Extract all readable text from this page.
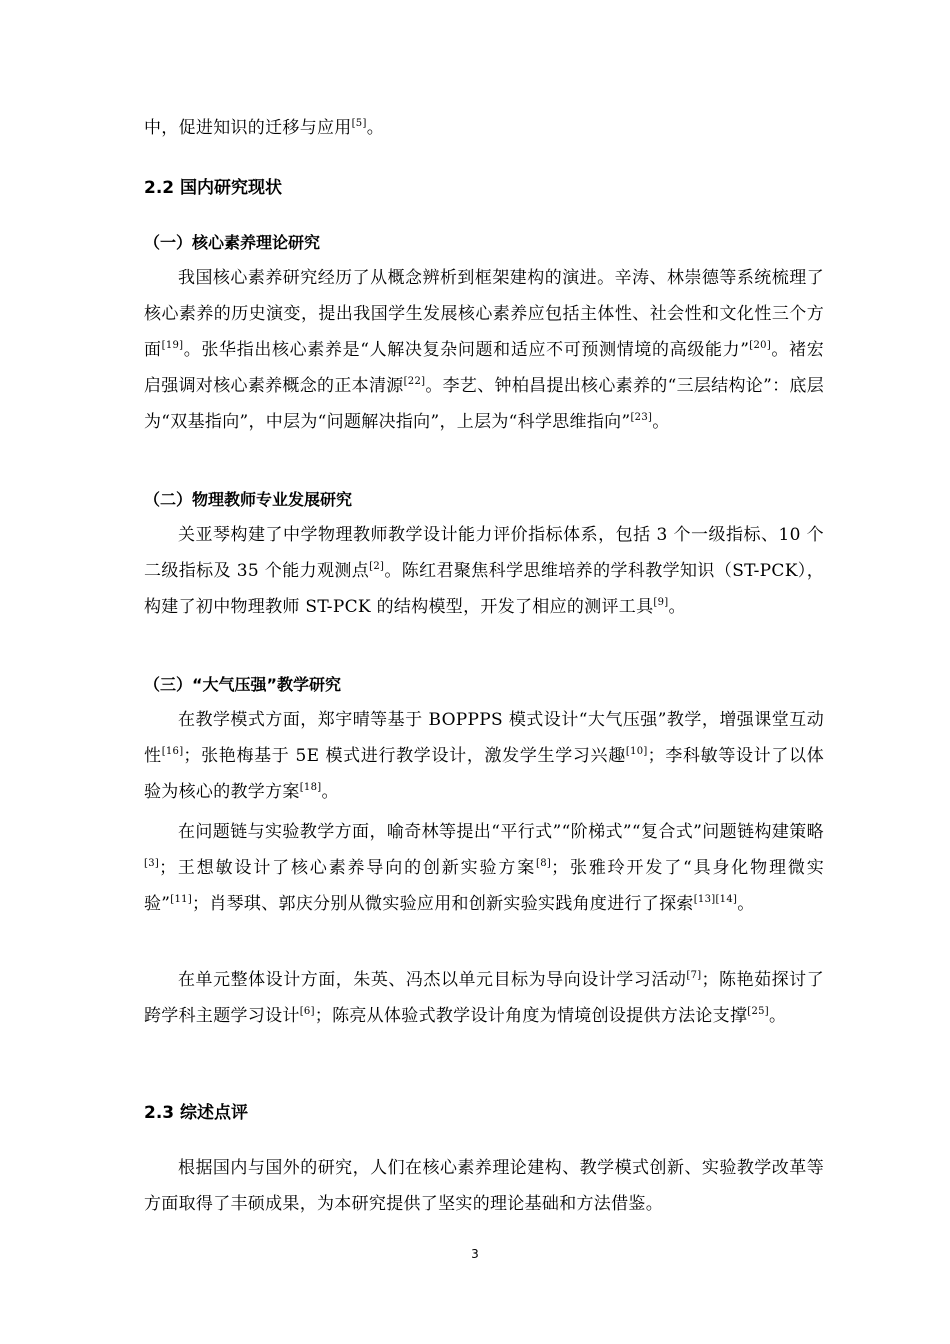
中，促进知识的迁移与应用[5]。

2.2 国内研究现状
（一）核心素养理论研究

我国核心素养研究经历了从概念辨析到框架建构的演进。辛涛、林崇德等系统梳理了核心素养的历史演变，提出我国学生发展核心素养应包括主体性、社会性和文化性三个方面[19]。张华指出核心素养是“人解决复杂问题和适应不可预测情境的高级能力”[20]。褚宏启强调对核心素养概念的正本清源[22]。李艺、钟柏昌提出核心素养的“三层结构论”：底层为“双基指向”，中层为“问题解决指向”，上层为“科学思维指向”[23]。

（二）物理教师专业发展研究

关亚琴构建了中学物理教师教学设计能力评价指标体系，包括 3 个一级指标、10 个二级指标及 35 个能力观测点[2]。陈红君聚焦科学思维培养的学科教学知识（ST-PCK），构建了初中物理教师 ST-PCK 的结构模型，开发了相应的测评工具[9]。

（三）“大气压强”教学研究

在教学模式方面，郑宇晴等基于 BOPPPS 模式设计“大气压强”教学，增强课堂互动性[16]；张艳梅基于 5E 模式进行教学设计，激发学生学习兴趣[10]；李科敏等设计了以体验为核心的教学方案[18]。

在问题链与实验教学方面，喻奇林等提出“平行式”“阶梯式”“复合式”问题链构建策略[3]；王想敏设计了核心素养导向的创新实验方案[8]；张雅玲开发了“具身化物理微实验”[11]；肖琴琪、郭庆分别从微实验应用和创新实验实践角度进行了探索[13][14]。

在单元整体设计方面，朱英、冯杰以单元目标为导向设计学习活动[7]；陈艳茹探讨了跨学科主题学习设计[6]；陈亮从体验式教学设计角度为情境创设提供方法论支撑[25]。

2.3 综述点评

根据国内与国外的研究，人们在核心素养理论建构、教学模式创新、实验教学改革等方面取得了丰硕成果，为本研究提供了坚实的理论基础和方法借鉴。

3
